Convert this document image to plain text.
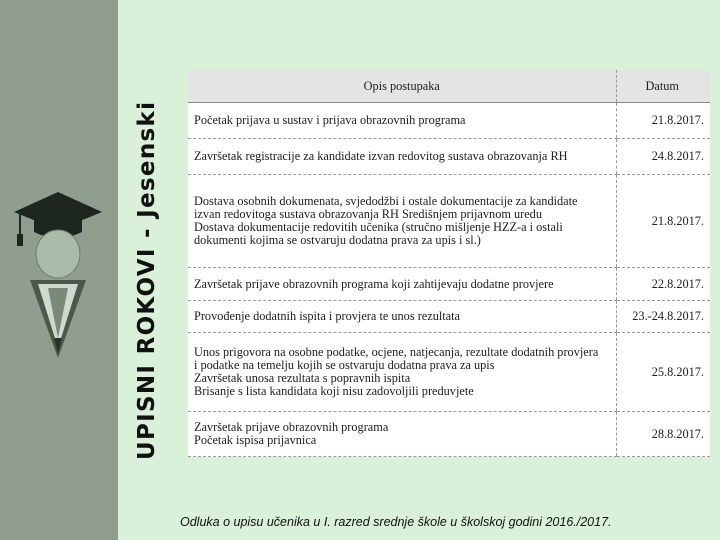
UPISNI ROKOVI - Jesenski
Opis postupaka	Datum

Početak prijava u sustav i prijava obrazovnih programa	21.8.2017.

Završetak registracije za kandidate izvan redovitog sustava obrazovanja RH	24.8.2017.

Dostava osobnih dokumenata, svjedodžbi i ostale dokumentacije za kandidate
izvan redovitoga sustava obrazovanja RH Središnjem prijavnom uredu
Dostava dokumentacije redovitih učenika (stručno mišljenje HZZ-a i ostali
dokumenti kojima se ostvaruju dodatna prava za upis i sl.)	21.8.2017.

Završetak prijave obrazovnih programa koji zahtijevaju dodatne provjere	22.8.2017.

Provođenje dodatnih ispita i provjera te unos rezultata	23.-24.8.2017.

Unos prigovora na osobne podatke, ocjene, natjecanja, rezultate dodatnih provjera
i podatke na temelju kojih se ostvaruju dodatna prava za upis
Završetak unosa rezultata s popravnih ispita
Brisanje s lista kandidata koji nisu zadovoljili preduvjete	25.8.2017.

Završetak prijave obrazovnih programa
Početak ispisa prijavnica	28.8.2017.
Odluka o upisu učenika u I. razred srednje škole u školskoj godini 2016./2017.
